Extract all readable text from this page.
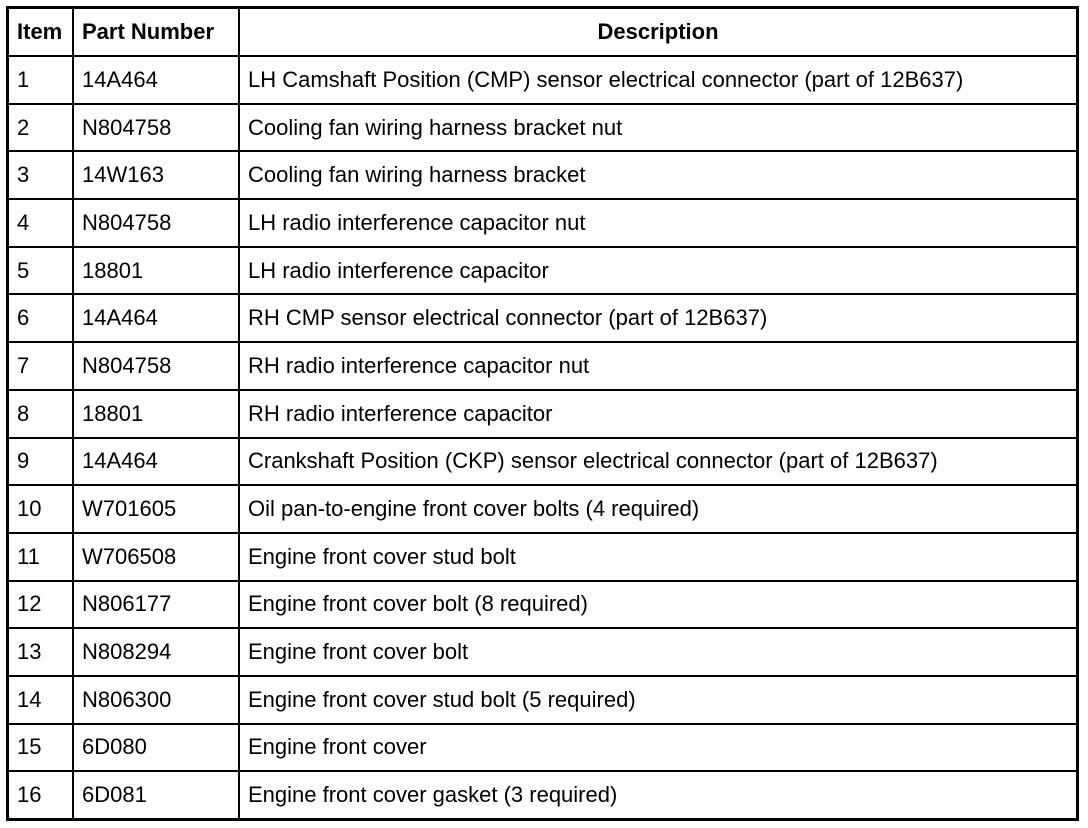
Item	Part Number	Description
1	14A464	LH Camshaft Position (CMP) sensor electrical connector (part of 12B637)
2	N804758	Cooling fan wiring harness bracket nut
3	14W163	Cooling fan wiring harness bracket
4	N804758	LH radio interference capacitor nut
5	18801	LH radio interference capacitor
6	14A464	RH CMP sensor electrical connector (part of 12B637)
7	N804758	RH radio interference capacitor nut
8	18801	RH radio interference capacitor
9	14A464	Crankshaft Position (CKP) sensor electrical connector (part of 12B637)
10	W701605	Oil pan-to-engine front cover bolts (4 required)
11	W706508	Engine front cover stud bolt
12	N806177	Engine front cover bolt (8 required)
13	N808294	Engine front cover bolt
14	N806300	Engine front cover stud bolt (5 required)
15	6D080	Engine front cover
16	6D081	Engine front cover gasket (3 required)
